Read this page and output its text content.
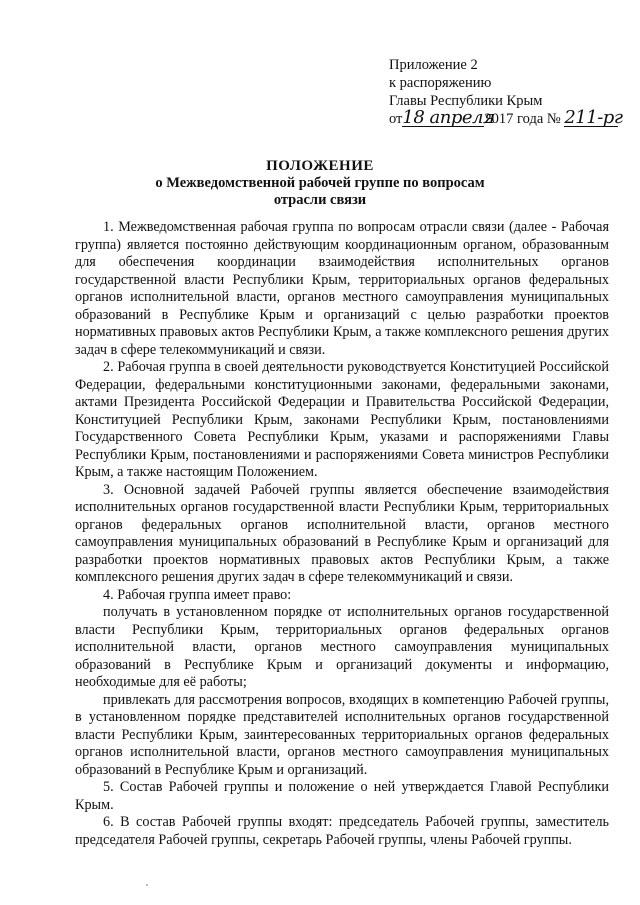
Приложение 2
к распоряжению
Главы Республики Крым
от18 апреля2017 года № 211-рг
ПОЛОЖЕНИЕ
о Межведомственной рабочей группе по вопросам
отрасли связи

1. Межведомственная рабочая группа по вопросам отрасли связи (далее - Рабочая группа) является постоянно действующим координационным органом, образованным для обеспечения координации взаимодействия исполнительных органов государственной власти Республики Крым, территориальных органов федеральных органов исполнительной власти, органов местного самоуправления муниципальных образований в Республике Крым и организаций с целью разработки проектов нормативных правовых актов Республики Крым, а также комплексного решения других задач в сфере телекоммуникаций и связи.

2. Рабочая группа в своей деятельности руководствуется Конституцией Российской Федерации, федеральными конституционными законами, федеральными законами, актами Президента Российской Федерации и Правительства Российской Федерации, Конституцией Республики Крым, законами Республики Крым, постановлениями Государственного Совета Республики Крым, указами и распоряжениями Главы Республики Крым, постановлениями и распоряжениями Совета министров Республики Крым, а также настоящим Положением.

3. Основной задачей Рабочей группы является обеспечение взаимодействия исполнительных органов государственной власти Республики Крым, территориальных органов федеральных органов исполнительной власти, органов местного самоуправления муниципальных образований в Республике Крым и организаций для разработки проектов нормативных правовых актов Республики Крым, а также комплексного решения других задач в сфере телекоммуникаций и связи.

4. Рабочая группа имеет право:

получать в установленном порядке от исполнительных органов государственной власти Республики Крым, территориальных органов федеральных органов исполнительной власти, органов местного самоуправления муниципальных образований в Республике Крым и организаций документы и информацию, необходимые для её работы;

привлекать для рассмотрения вопросов, входящих в компетенцию Рабочей группы, в установленном порядке представителей исполнительных органов государственной власти Республики Крым, заинтересованных территориальных органов федеральных органов исполнительной власти, органов местного самоуправления муниципальных образований в Республике Крым и организаций.

5. Состав Рабочей группы и положение о ней утверждается Главой Республики Крым.

6. В состав Рабочей группы входят: председатель Рабочей группы, заместитель председателя Рабочей группы, секретарь Рабочей группы, члены Рабочей группы.
